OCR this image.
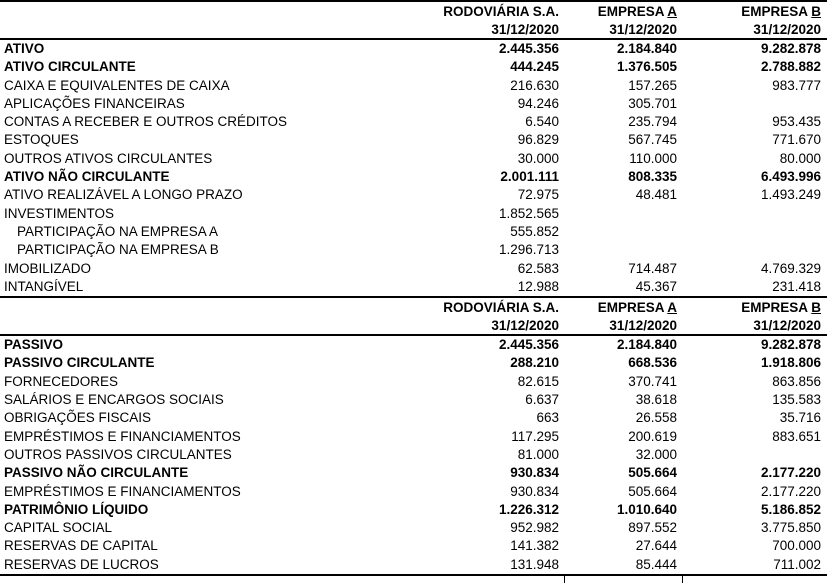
RODOVIÁRIA S.A.	EMPRESA A	EMPRESA B
31/12/2020	31/12/2020	31/12/2020
ATIVO	2.445.356	2.184.840	9.282.878
ATIVO CIRCULANTE	444.245	1.376.505	2.788.882
CAIXA E EQUIVALENTES DE CAIXA	216.630	157.265	983.777
APLICAÇÕES FINANCEIRAS	94.246	305.701
CONTAS A RECEBER E OUTROS CRÉDITOS	6.540	235.794	953.435
ESTOQUES	96.829	567.745	771.670
OUTROS ATIVOS CIRCULANTES	30.000	110.000	80.000
ATIVO NÃO CIRCULANTE	2.001.111	808.335	6.493.996
ATIVO REALIZÁVEL A LONGO PRAZO	72.975	48.481	1.493.249
INVESTIMENTOS	1.852.565
PARTICIPAÇÃO NA EMPRESA A	555.852
PARTICIPAÇÃO NA EMPRESA B	1.296.713
IMOBILIZADO	62.583	714.487	4.769.329
INTANGÍVEL	12.988	45.367	231.418
RODOVIÁRIA S.A.	EMPRESA A	EMPRESA B
31/12/2020	31/12/2020	31/12/2020
PASSIVO	2.445.356	2.184.840	9.282.878
PASSIVO CIRCULANTE	288.210	668.536	1.918.806
FORNECEDORES	82.615	370.741	863.856
SALÁRIOS E ENCARGOS SOCIAIS	6.637	38.618	135.583
OBRIGAÇÕES FISCAIS	663	26.558	35.716
EMPRÉSTIMOS E FINANCIAMENTOS	117.295	200.619	883.651
OUTROS PASSIVOS CIRCULANTES	81.000	32.000
PASSIVO NÃO CIRCULANTE	930.834	505.664	2.177.220
EMPRÉSTIMOS E FINANCIAMENTOS	930.834	505.664	2.177.220
PATRIMÔNIO LÍQUIDO	1.226.312	1.010.640	5.186.852
CAPITAL SOCIAL	952.982	897.552	3.775.850
RESERVAS DE CAPITAL	141.382	27.644	700.000
RESERVAS DE LUCROS	131.948	85.444	711.002
